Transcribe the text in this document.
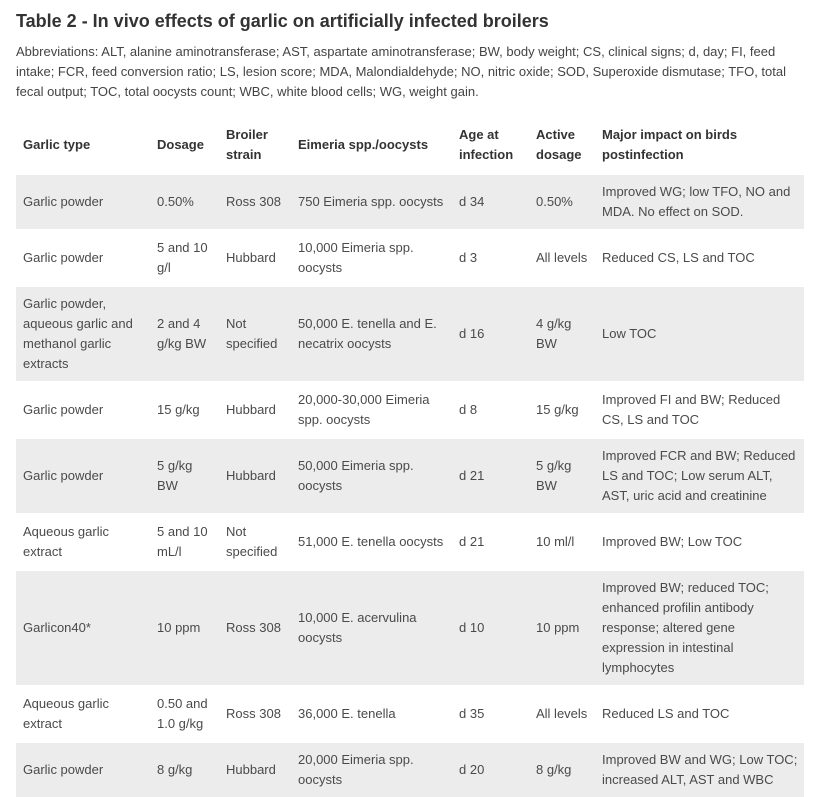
Table 2 - In vivo effects of garlic on artificially infected broilers

Abbreviations: ALT, alanine aminotransferase; AST, aspartate aminotransferase; BW, body weight; CS, clinical signs; d, day; FI, feed intake; FCR, feed conversion ratio; LS, lesion score; MDA, Malondialdehyde; NO, nitric oxide; SOD, Superoxide dismutase; TFO, total fecal output; TOC, total oocysts count; WBC, white blood cells; WG, weight gain.

Garlic type	Dosage	Broiler strain	Eimeria spp./oocysts	Age at infection	Active dosage	Major impact on birds postinfection
Garlic powder	0.50%	Ross 308	750 Eimeria spp. oocysts	d 34	0.50%	Improved WG; low TFO, NO and MDA. No effect on SOD.
Garlic powder	5 and 10 g/l	Hubbard	10,000 Eimeria spp. oocysts	d 3	All levels	Reduced CS, LS and TOC
Garlic powder, aqueous garlic and methanol garlic extracts	2 and 4 g/kg BW	Not specified	50,000 E. tenella and E. necatrix oocysts	d 16	4 g/kg BW	Low TOC
Garlic powder	15 g/kg	Hubbard	20,000-30,000 Eimeria spp. oocysts	d 8	15 g/kg	Improved FI and BW; Reduced CS, LS and TOC
Garlic powder	5 g/kg BW	Hubbard	50,000 Eimeria spp. oocysts	d 21	5 g/kg BW	Improved FCR and BW; Reduced LS and TOC; Low serum ALT, AST, uric acid and creatinine
Aqueous garlic extract	5 and 10 mL/l	Not specified	51,000 E. tenella oocysts	d 21	10 ml/l	Improved BW; Low TOC
Garlicon40*	10 ppm	Ross 308	10,000 E. acervulina oocysts	d 10	10 ppm	Improved BW; reduced TOC; enhanced profilin antibody response; altered gene expression in intestinal lymphocytes
Aqueous garlic extract	0.50 and 1.0 g/kg	Ross 308	36,000 E. tenella	d 35	All levels	Reduced LS and TOC
Garlic powder	8 g/kg	Hubbard	20,000 Eimeria spp. oocysts	d 20	8 g/kg	Improved BW and WG; Low TOC; increased ALT, AST and WBC
